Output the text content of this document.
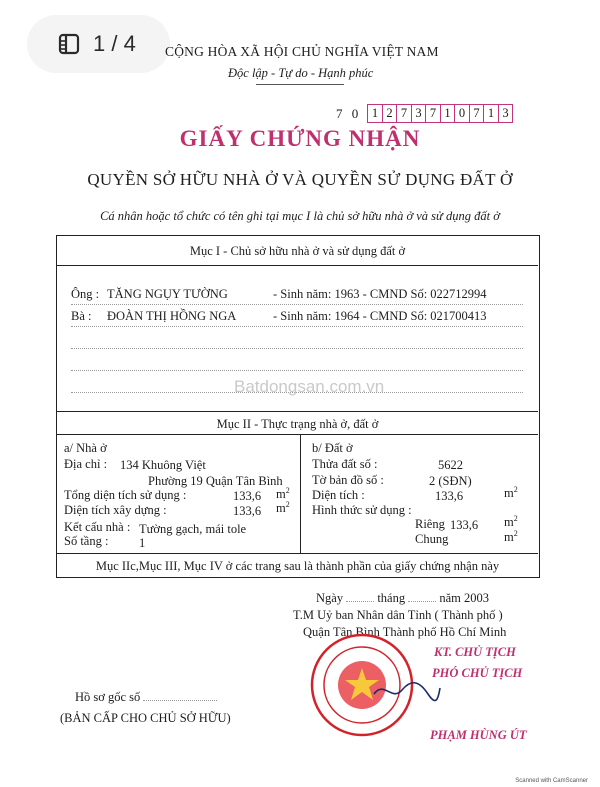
1 / 4 CỘNG HÒA XÃ HỘI CHỦ NGHĨA VIỆT NAM
Độc lập - Tự do - Hạnh phúc
7 0 1 2 7 3 7 1 0 7 1 3
GIẤY CHỨNG NHẬN
QUYỀN SỞ HỮU NHÀ Ở VÀ QUYỀN SỬ DỤNG ĐẤT Ở
Cá nhân hoặc tổ chức có tên ghi tại mục I là chủ sở hữu nhà ở và sử dụng đất ở
Mục I - Chủ sở hữu nhà ở và sử dụng đất ở
Ông : TĂNG NGỤY TƯỜNG	- Sinh năm: 1963 - CMND Số: 022712994
Bà : ĐOÀN THỊ HỒNG NGA	- Sinh năm: 1964 - CMND Số: 021700413
Mục II - Thực trạng nhà ở, đất ở
a/ Nhà ở
Địa chỉ : 134 Khuông Việt
Phường 19 Quận Tân Bình
Tổng diện tích sử dụng :	133,6 $m^2$
Diện tích xây dựng :	133,6 $m^2$
Kết cấu nhà : Tường gạch, mái tole
Số tầng : 1
b/ Đất ở
Thửa đất số :	5622
Tờ bản đồ số :	2 (SĐN)
Diện tích :	133,6	$m^2$
Hình thức sử dụng :
Riêng 133,6 $m^2$
Chung	$m^2$
Mục IIc,Mục III, Mục IV ở các trang sau là thành phần của giấy chứng nhận này
Batdongsan.com.vn
Ngày	tháng	năm 2003
T.M Uỷ ban Nhân dân Tỉnh ( Thành phố )
Quận Tân Bình Thành phố Hồ Chí Minh
KT. CHỦ TỊCH
PHÓ CHỦ TỊCH
PHẠM HÙNG ÚT
Hồ sơ gốc số
(BẢN CẤP CHO CHỦ SỞ HỮU)
Scanned with CamScanner
